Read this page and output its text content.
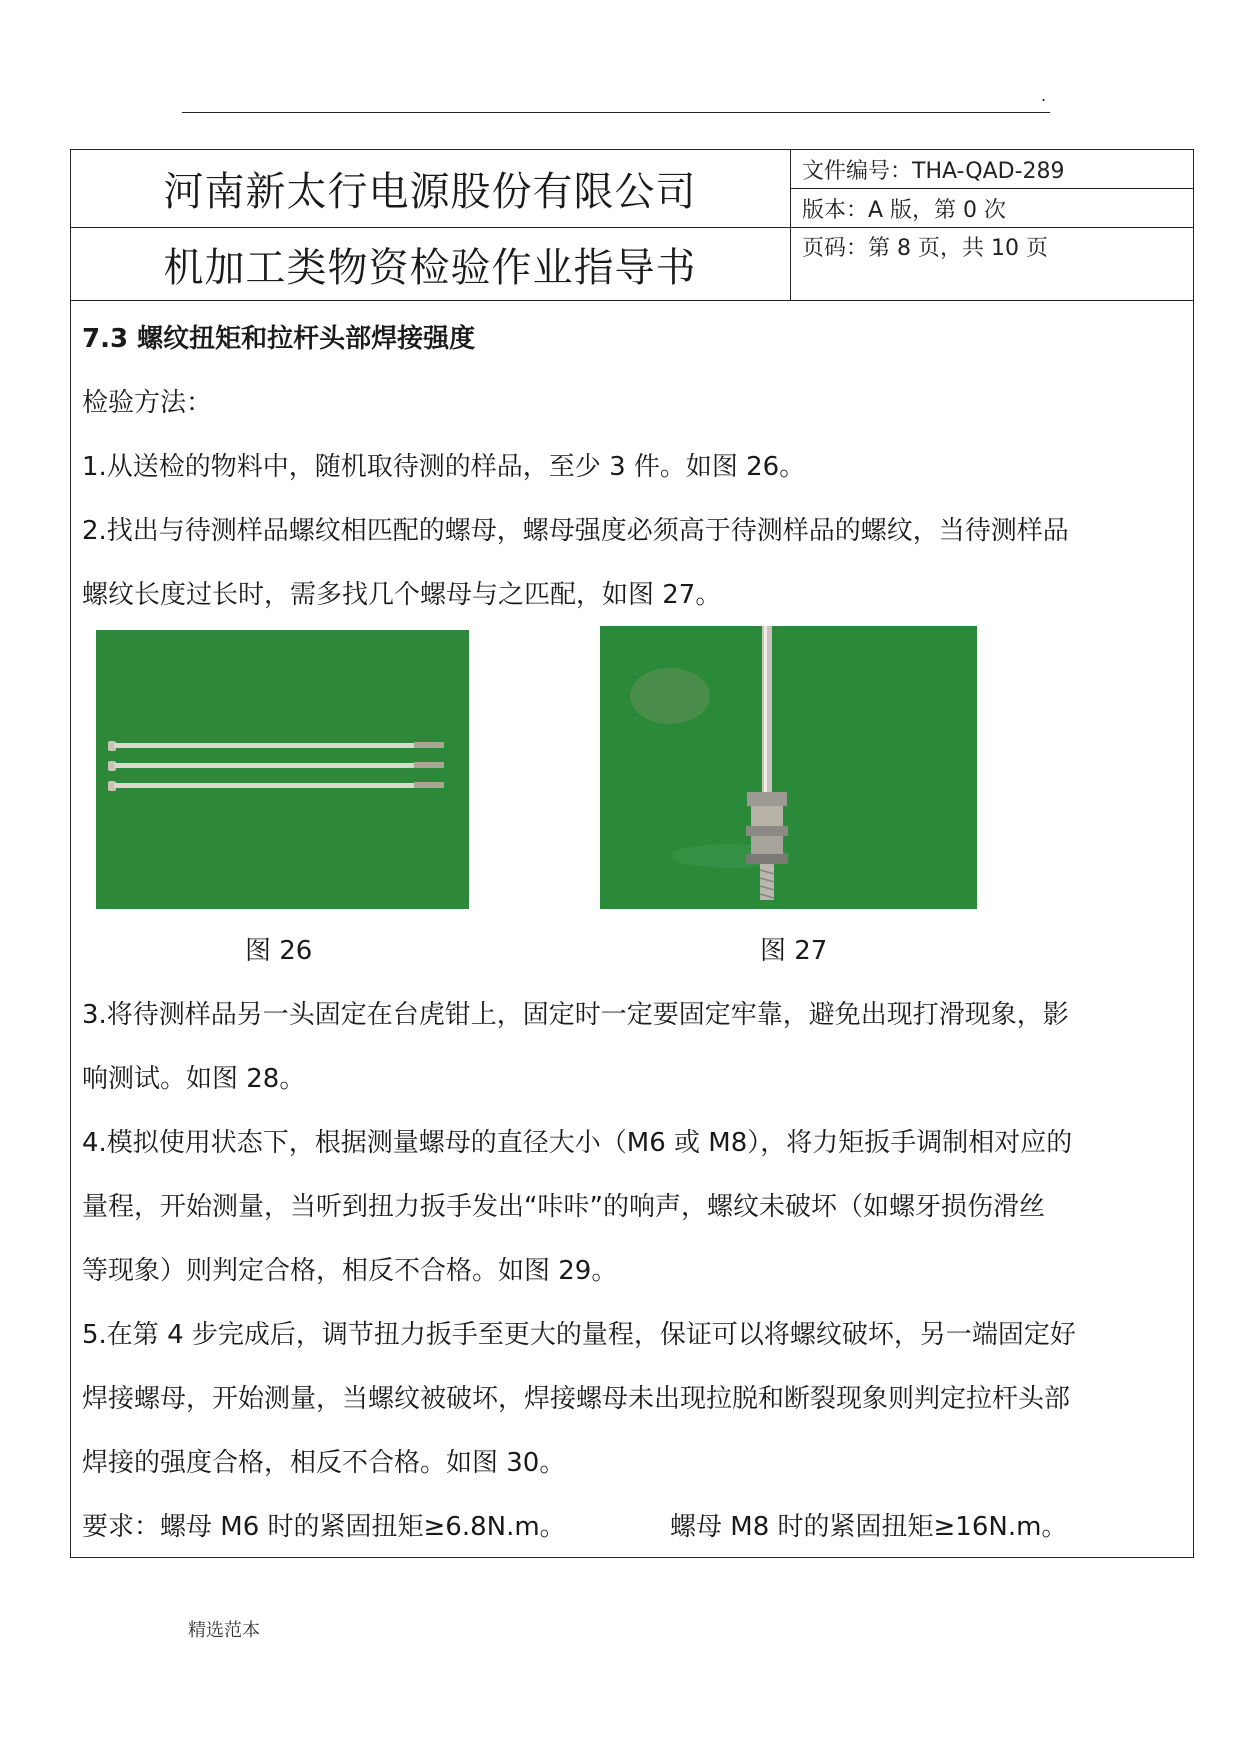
.
河南新太行电源股份有限公司
机加工类物资检验作业指导书
文件编号：THA-QAD-289
版本：A 版，第 0 次
页码：第 8 页，共 10 页
7.3 螺纹扭矩和拉杆头部焊接强度
检验方法：
1.从送检的物料中，随机取待测的样品，至少 3 件。如图 26。
2.找出与待测样品螺纹相匹配的螺母，螺母强度必须高于待测样品的螺纹，当待测样品
螺纹长度过长时，需多找几个螺母与之匹配，如图 27。
图 26	图 27
3.将待测样品另一头固定在台虎钳上，固定时一定要固定牢靠，避免出现打滑现象，影
响测试。如图 28。
4.模拟使用状态下，根据测量螺母的直径大小（M6 或 M8），将力矩扳手调制相对应的
量程，开始测量，当听到扭力扳手发出“咔咔”的响声，螺纹未破坏（如螺牙损伤滑丝
等现象）则判定合格，相反不合格。如图 29。
5.在第 4 步完成后，调节扭力扳手至更大的量程，保证可以将螺纹破坏，另一端固定好
焊接螺母，开始测量，当螺纹被破坏，焊接螺母未出现拉脱和断裂现象则判定拉杆头部
焊接的强度合格，相反不合格。如图 30。
要求：螺母 M6 时的紧固扭矩≥6.8N.m。	螺母 M8 时的紧固扭矩≥16N.m。
精选范本
